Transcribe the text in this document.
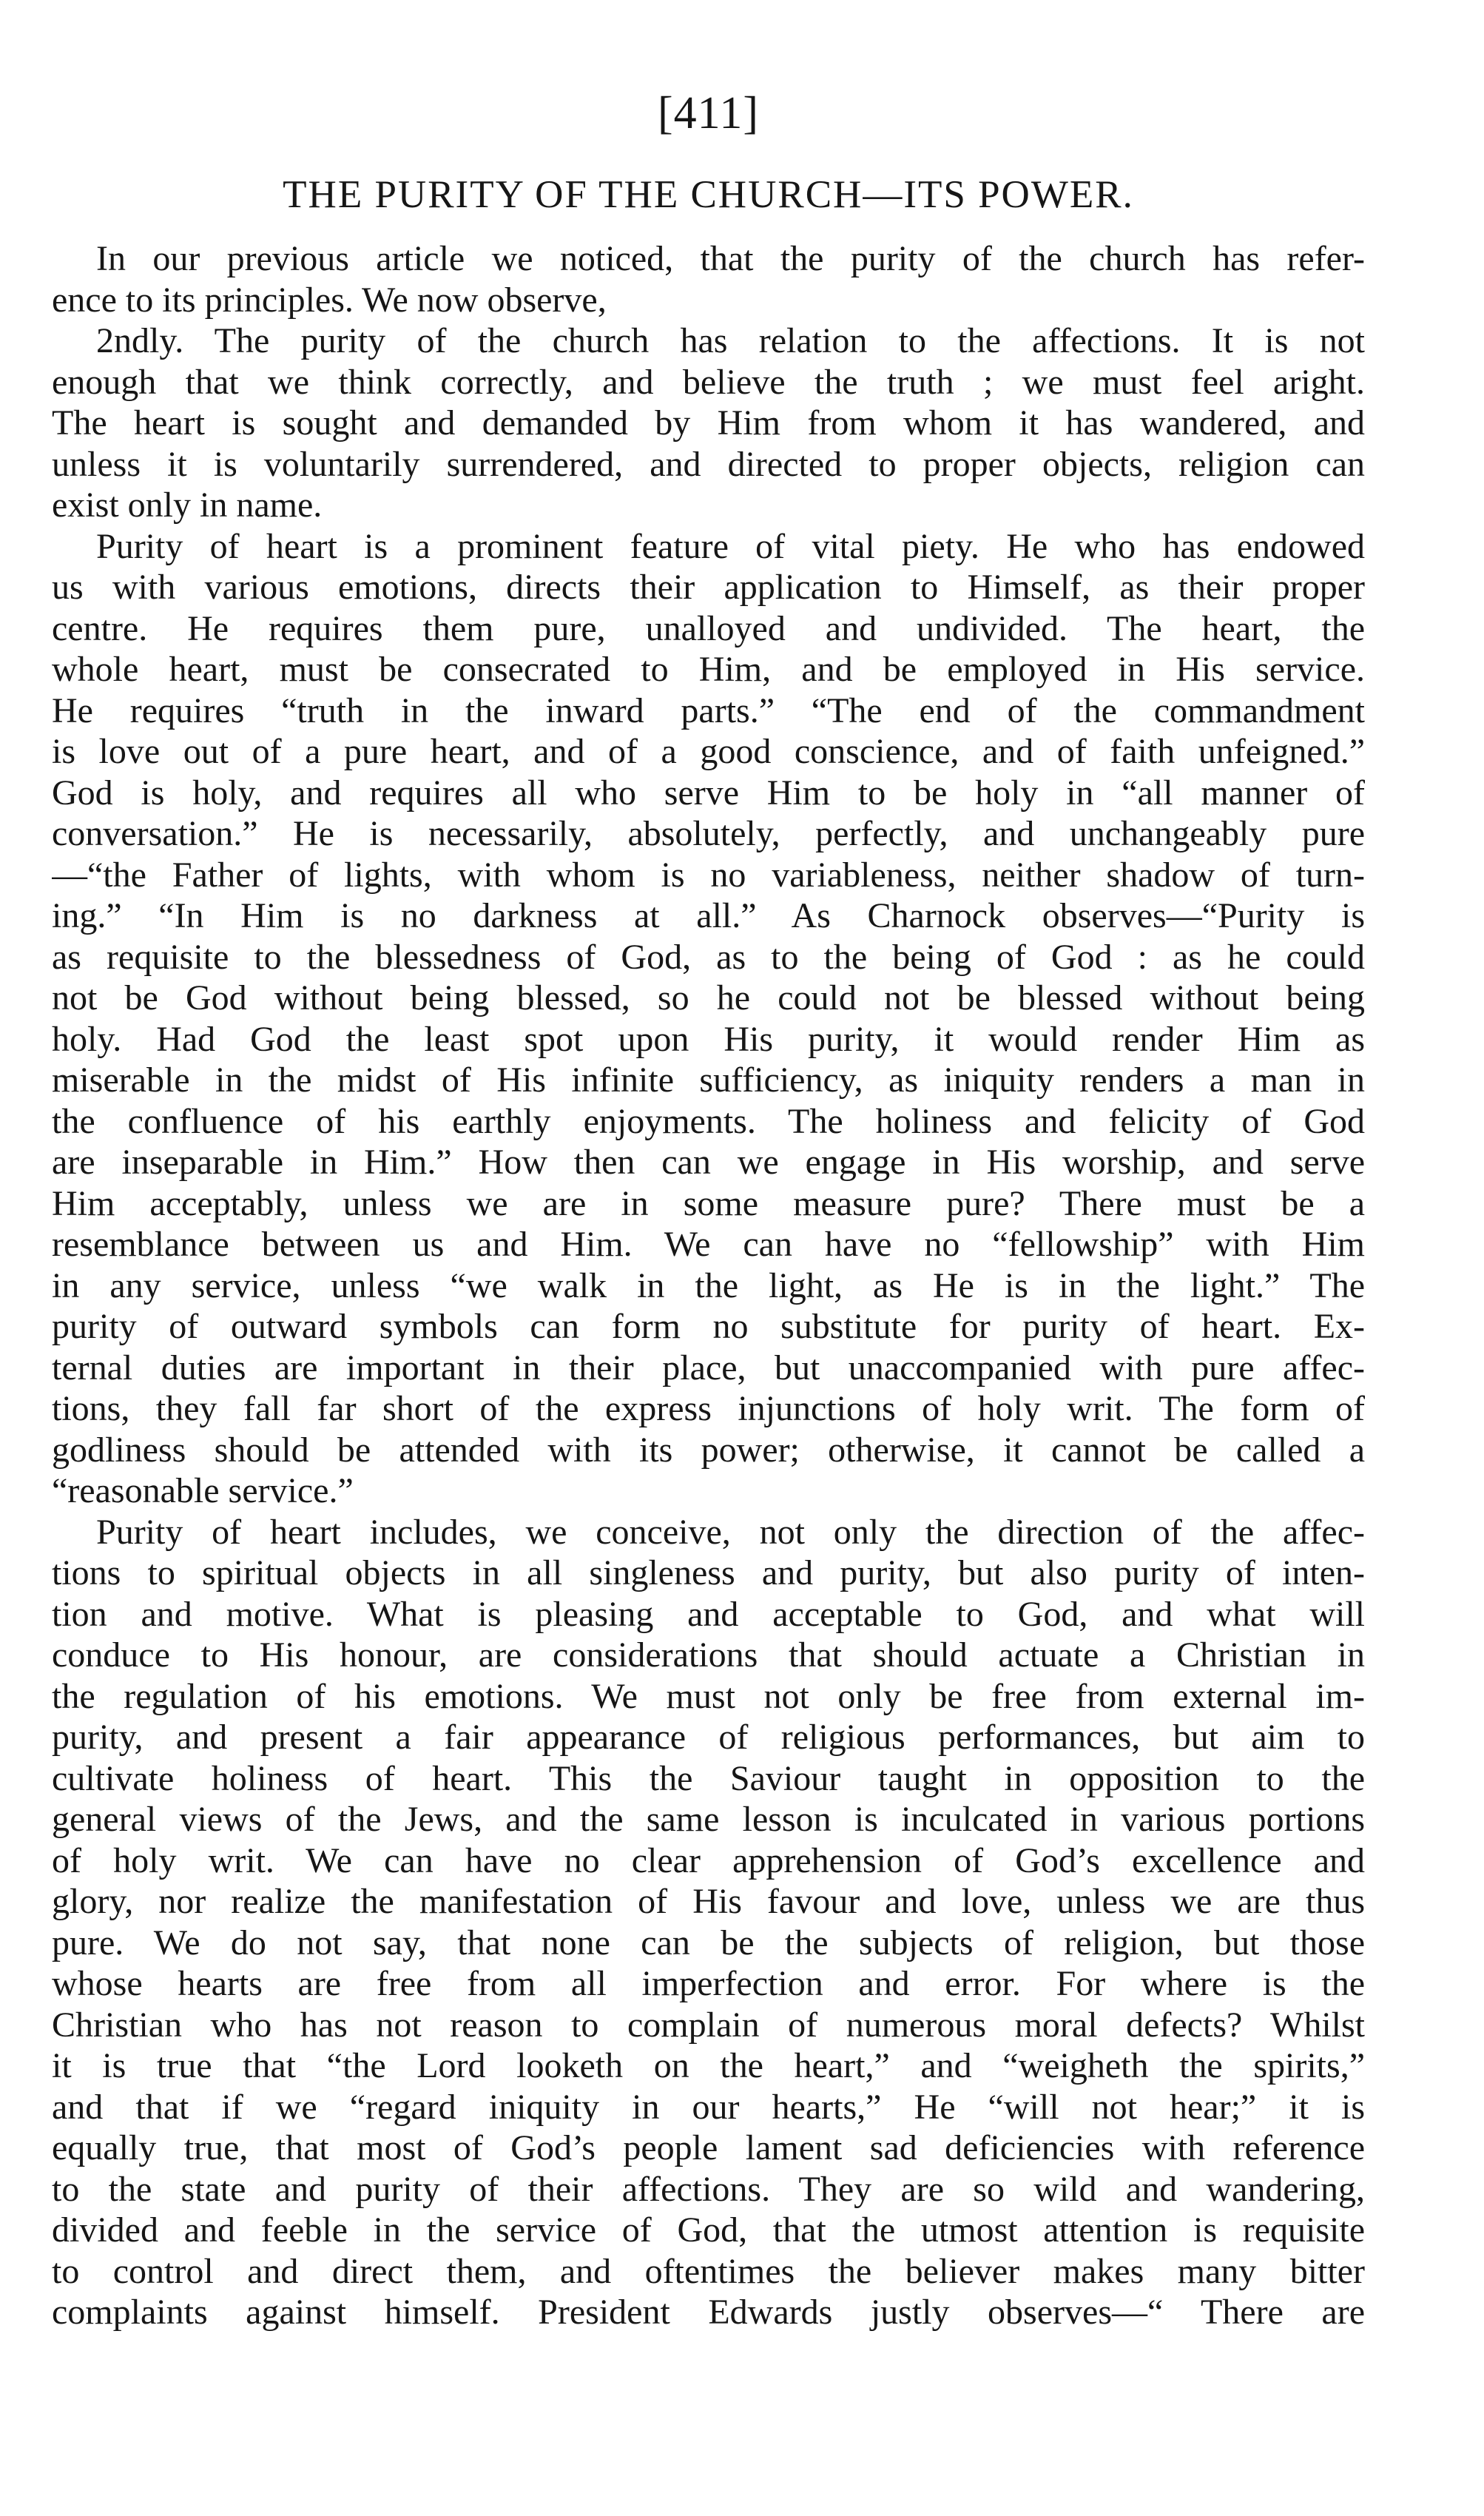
[411]
THE PURITY OF THE CHURCH—ITS POWER.
In our previous article we noticed, that the purity of the church has refer-
ence to its principles. We now observe,
2ndly. The purity of the church has relation to the affections. It is not
enough that we think correctly, and believe the truth ; we must feel aright.
The heart is sought and demanded by Him from whom it has wandered, and
unless it is voluntarily surrendered, and directed to proper objects, religion can
exist only in name.
Purity of heart is a prominent feature of vital piety. He who has endowed
us with various emotions, directs their application to Himself, as their proper
centre. He requires them pure, unalloyed and undivided. The heart, the
whole heart, must be consecrated to Him, and be employed in His service.
He requires “truth in the inward parts.” “The end of the commandment
is love out of a pure heart, and of a good conscience, and of faith unfeigned.”
God is holy, and requires all who serve Him to be holy in “all manner of
conversation.” He is necessarily, absolutely, perfectly, and unchangeably pure
—“the Father of lights, with whom is no variableness, neither shadow of turn-
ing.” “In Him is no darkness at all.” As Charnock observes—“Purity is
as requisite to the blessedness of God, as to the being of God : as he could
not be God without being blessed, so he could not be blessed without being
holy. Had God the least spot upon His purity, it would render Him as
miserable in the midst of His infinite sufficiency, as iniquity renders a man in
the confluence of his earthly enjoyments. The holiness and felicity of God
are inseparable in Him.” How then can we engage in His worship, and serve
Him acceptably, unless we are in some measure pure? There must be a
resemblance between us and Him. We can have no “fellowship” with Him
in any service, unless “we walk in the light, as He is in the light.” The
purity of outward symbols can form no substitute for purity of heart. Ex-
ternal duties are important in their place, but unaccompanied with pure affec-
tions, they fall far short of the express injunctions of holy writ. The form of
godliness should be attended with its power; otherwise, it cannot be called a
“reasonable service.”
Purity of heart includes, we conceive, not only the direction of the affec-
tions to spiritual objects in all singleness and purity, but also purity of inten-
tion and motive. What is pleasing and acceptable to God, and what will
conduce to His honour, are considerations that should actuate a Christian in
the regulation of his emotions. We must not only be free from external im-
purity, and present a fair appearance of religious performances, but aim to
cultivate holiness of heart. This the Saviour taught in opposition to the
general views of the Jews, and the same lesson is inculcated in various portions
of holy writ. We can have no clear apprehension of God’s excellence and
glory, nor realize the manifestation of His favour and love, unless we are thus
pure. We do not say, that none can be the subjects of religion, but those
whose hearts are free from all imperfection and error. For where is the
Christian who has not reason to complain of numerous moral defects? Whilst
it is true that “the Lord looketh on the heart,” and “weigheth the spirits,”
and that if we “regard iniquity in our hearts,” He “will not hear;” it is
equally true, that most of God’s people lament sad deficiencies with reference
to the state and purity of their affections. They are so wild and wandering,
divided and feeble in the service of God, that the utmost attention is requisite
to control and direct them, and oftentimes the believer makes many bitter
complaints against himself. President Edwards justly observes—“ There are
